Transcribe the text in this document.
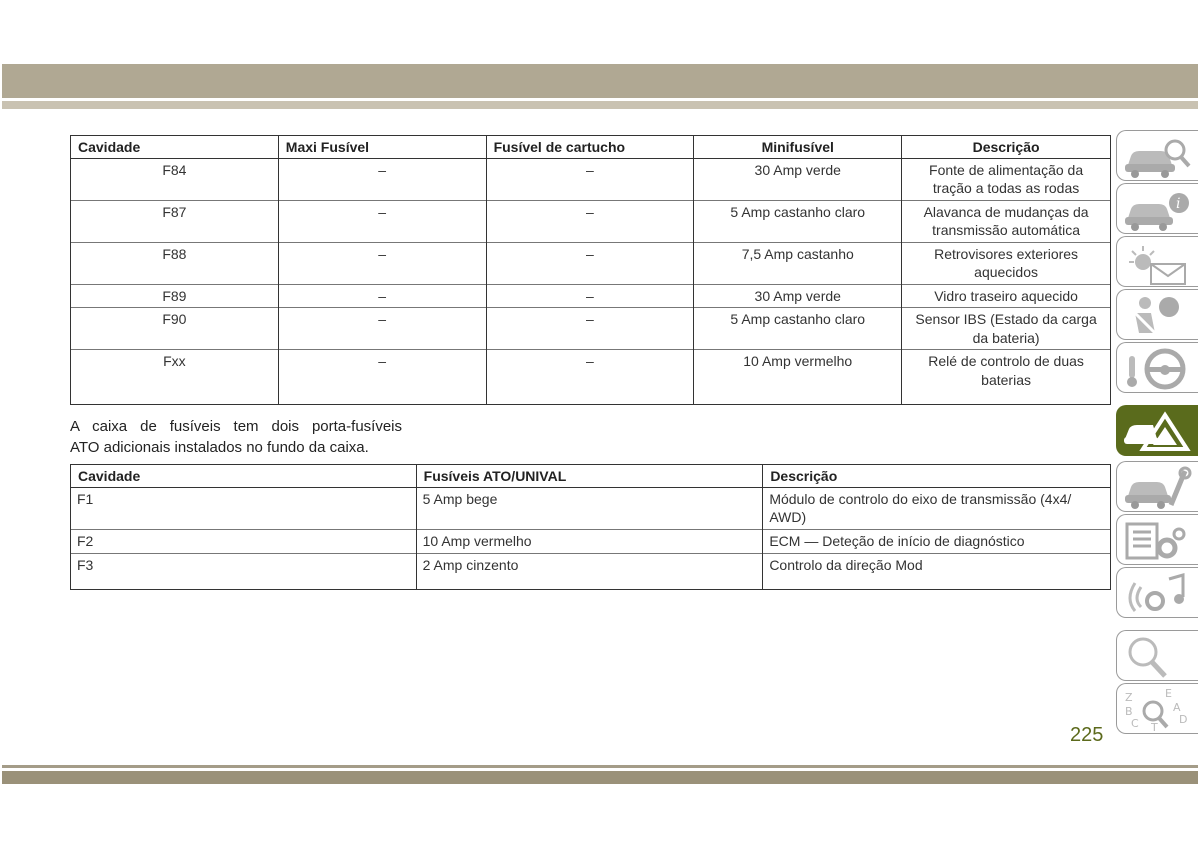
Cavidade	Maxi Fusível	Fusível de cartucho	Minifusível	Descrição
F84	–	–	30 Amp verde	Fonte de alimentação da tração a todas as rodas
F87	–	–	5 Amp castanho claro	Alavanca de mudanças da transmissão automática
F88	–	–	7,5 Amp castanho	Retrovisores exteriores aquecidos
F89	–	–	30 Amp verde	Vidro traseiro aquecido
F90	–	–	5 Amp castanho claro	Sensor IBS (Estado da carga da bateria)
Fxx	–	–	10 Amp vermelho	Relé de controlo de duas baterias
A caixa de fusíveis tem dois porta-fusíveis
ATO adicionais instalados no fundo da caixa.
Cavidade	Fusíveis ATO/UNIVAL	Descrição
F1	5 Amp bege	Módulo de controlo do eixo de transmissão (4x4/ AWD)
F2	10 Amp vermelho	ECM — Deteção de início de diagnóstico
F3	2 Amp cinzento	Controlo da direção Mod
i
Z	E
B	A
C T
D
225
